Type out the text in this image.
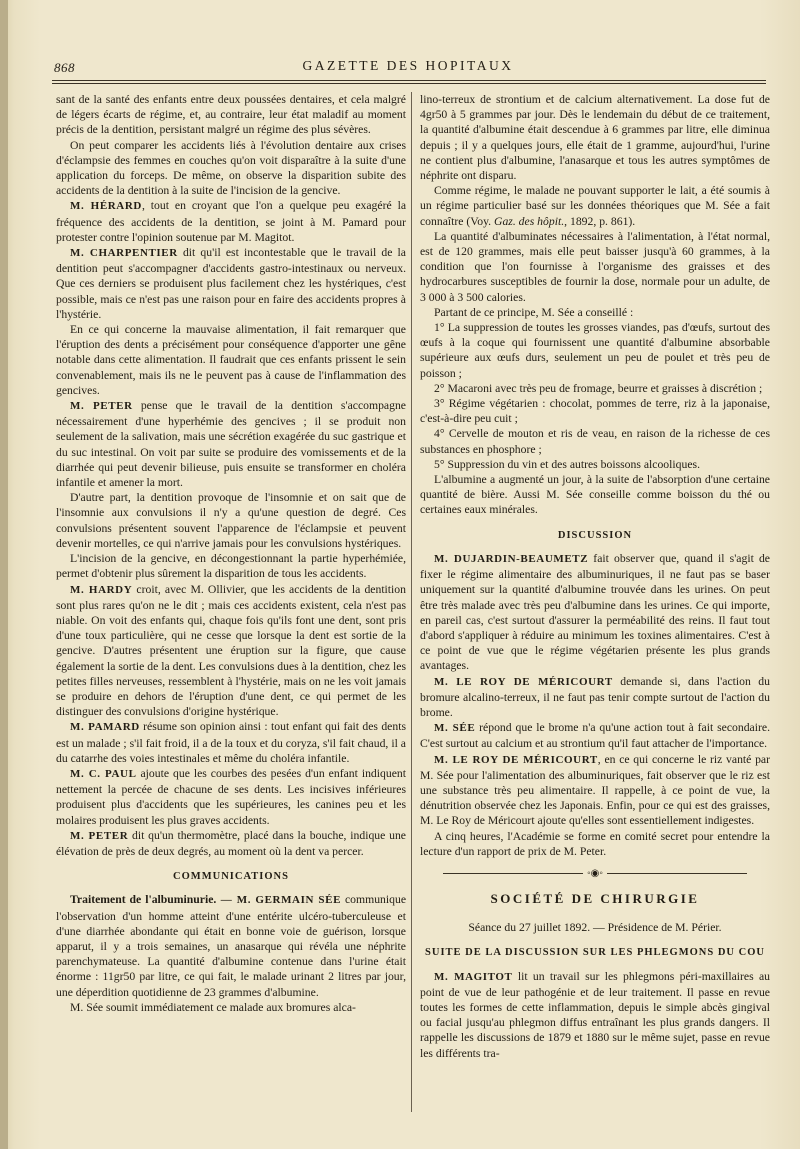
868	GAZETTE DES HOPITAUX

sant de la santé des enfants entre deux poussées dentaires, et cela malgré de légers écarts de régime, et, au contraire, leur état maladif au moment précis de la dentition, persistant malgré un régime des plus sévères.

On peut comparer les accidents liés à l'évolution dentaire aux crises d'éclampsie des femmes en couches qu'on voit disparaître à la suite d'une application du forceps. De même, on observe la disparition subite des accidents de la dentition à la suite de l'incision de la gencive.

M. HÉRARD, tout en croyant que l'on a quelque peu exagéré la fréquence des accidents de la dentition, se joint à M. Pamard pour protester contre l'opinion soutenue par M. Magitot.

M. CHARPENTIER dit qu'il est incontestable que le travail de la dentition peut s'accompagner d'accidents gastro-intestinaux ou nerveux. Que ces derniers se produisent plus facilement chez les hystériques, c'est possible, mais ce n'est pas une raison pour en faire des accidents propres à l'hystérie.

En ce qui concerne la mauvaise alimentation, il fait remarquer que l'éruption des dents a précisément pour conséquence d'apporter une gêne notable dans cette alimentation. Il faudrait que ces enfants prissent le sein convenablement, mais ils ne le peuvent pas à cause de l'inflammation des gencives.

M. PETER pense que le travail de la dentition s'accompagne nécessairement d'une hyperhémie des gencives ; il se produit non seulement de la salivation, mais une sécrétion exagérée du suc gastrique et du suc intestinal. On voit par suite se produire des vomissements et de la diarrhée qui peut devenir bilieuse, puis ensuite se transformer en choléra infantile et amener la mort.

D'autre part, la dentition provoque de l'insomnie et on sait que de l'insomnie aux convulsions il n'y a qu'une question de degré. Ces convulsions présentent souvent l'apparence de l'éclampsie et peuvent devenir mortelles, ce qui n'arrive jamais pour les convulsions hystériques.

L'incision de la gencive, en décongestionnant la partie hyperhémiée, permet d'obtenir plus sûrement la disparition de tous les accidents.

M. HARDY croit, avec M. Ollivier, que les accidents de la dentition sont plus rares qu'on ne le dit ; mais ces accidents existent, cela n'est pas niable. On voit des enfants qui, chaque fois qu'ils font une dent, sont pris d'une toux particulière, qui ne cesse que lorsque la dent est sortie de la gencive. D'autres présentent une éruption sur la figure, que cause également la sortie de la dent. Les convulsions dues à la dentition, chez les petites filles nerveuses, ressemblent à l'hystérie, mais on ne les voit jamais se produire en dehors de l'éruption d'une dent, ce qui permet de les distinguer des convulsions d'origine hystérique.

M. PAMARD résume son opinion ainsi : tout enfant qui fait des dents est un malade ; s'il fait froid, il a de la toux et du coryza, s'il fait chaud, il a du catarrhe des voies intestinales et même du choléra infantile.

M. C. PAUL ajoute que les courbes des pesées d'un enfant indiquent nettement la percée de chacune de ses dents. Les incisives inférieures produisent plus d'accidents que les supérieures, les canines peu et les molaires produisent les plus graves accidents.

M. PETER dit qu'un thermomètre, placé dans la bouche, indique une élévation de près de deux degrés, au moment où la dent va percer.

COMMUNICATIONS

Traitement de l'albuminurie. — M. GERMAIN SÉE communique l'observation d'un homme atteint d'une entérite ulcéro-tuberculeuse et d'une diarrhée abondante qui était en bonne voie de guérison, lorsque apparut, il y a trois semaines, un anasarque qui révéla une néphrite parenchymateuse. La quantité d'albumine contenue dans l'urine était énorme : 11gr50 par litre, ce qui fait, le malade urinant 2 litres par jour, une déperdition quotidienne de 23 grammes d'albumine.

M. Sée soumit immédiatement ce malade aux bromures alca-

lino-terreux de strontium et de calcium alternativement. La dose fut de 4gr50 à 5 grammes par jour. Dès le lendemain du début de ce traitement, la quantité d'albumine était descendue à 6 grammes par litre, elle diminua depuis ; il y a quelques jours, elle était de 1 gramme, aujourd'hui, l'urine ne contient plus d'albumine, l'anasarque et tous les autres symptômes de néphrite ont disparu.

Comme régime, le malade ne pouvant supporter le lait, a été soumis à un régime particulier basé sur les données théoriques que M. Sée a fait connaître (Voy. Gaz. des hôpit., 1892, p. 861).

La quantité d'albuminates nécessaires à l'alimentation, à l'état normal, est de 120 grammes, mais elle peut baisser jusqu'à 60 grammes, à la condition que l'on fournisse à l'organisme des graisses et des hydrocarbures susceptibles de fournir la dose, normale pour un adulte, de 3 000 à 3 500 calories.

Partant de ce principe, M. Sée a conseillé :

1° La suppression de toutes les grosses viandes, pas d'œufs, surtout des œufs à la coque qui fournissent une quantité d'albumine absorbable supérieure aux œufs durs, seulement un peu de poulet et très peu de poisson ;

2° Macaroni avec très peu de fromage, beurre et graisses à discrétion ;

3° Régime végétarien : chocolat, pommes de terre, riz à la japonaise, c'est-à-dire peu cuit ;

4° Cervelle de mouton et ris de veau, en raison de la richesse de ces substances en phosphore ;

5° Suppression du vin et des autres boissons alcooliques.

L'albumine a augmenté un jour, à la suite de l'absorption d'une certaine quantité de bière. Aussi M. Sée conseille comme boisson du thé ou certaines eaux minérales.

DISCUSSION

M. DUJARDIN-BEAUMETZ fait observer que, quand il s'agit de fixer le régime alimentaire des albuminuriques, il ne faut pas se baser uniquement sur la quantité d'albumine trouvée dans les urines. On peut être très malade avec très peu d'albumine dans les urines. Ce qui importe, en pareil cas, c'est surtout d'assurer la perméabilité des reins. Il faut tout d'abord s'appliquer à réduire au minimum les toxines alimentaires. C'est à ce point de vue que le régime végétarien présente les plus grands avantages.

M. LE ROY DE MÉRICOURT demande si, dans l'action du bromure alcalino-terreux, il ne faut pas tenir compte surtout de l'action du brome.

M. SÉE répond que le brome n'a qu'une action tout à fait secondaire. C'est surtout au calcium et au strontium qu'il faut attacher de l'importance.

M. LE ROY DE MÉRICOURT, en ce qui concerne le riz vanté par M. Sée pour l'alimentation des albuminuriques, fait observer que le riz est une substance très peu alimentaire. Il rappelle, à ce point de vue, la dénutrition observée chez les Japonais. Enfin, pour ce qui est des graisses, M. Le Roy de Méricourt ajoute qu'elles sont essentiellement indigestes.

A cinq heures, l'Académie se forme en comité secret pour entendre la lecture d'un rapport de prix de M. Peter.

◦◉◦
SOCIÉTÉ DE CHIRURGIE
Séance du 27 juillet 1892. — Présidence de M. Périer.
SUITE DE LA DISCUSSION SUR LES PHLEGMONS DU COU

M. MAGITOT lit un travail sur les phlegmons péri-maxillaires au point de vue de leur pathogénie et de leur traitement. Il passe en revue toutes les formes de cette inflammation, depuis le simple abcès gingival ou facial jusqu'au phlegmon diffus entraînant les plus grands dangers. Il rappelle les discussions de 1879 et 1880 sur le même sujet, passe en revue les différents tra-
